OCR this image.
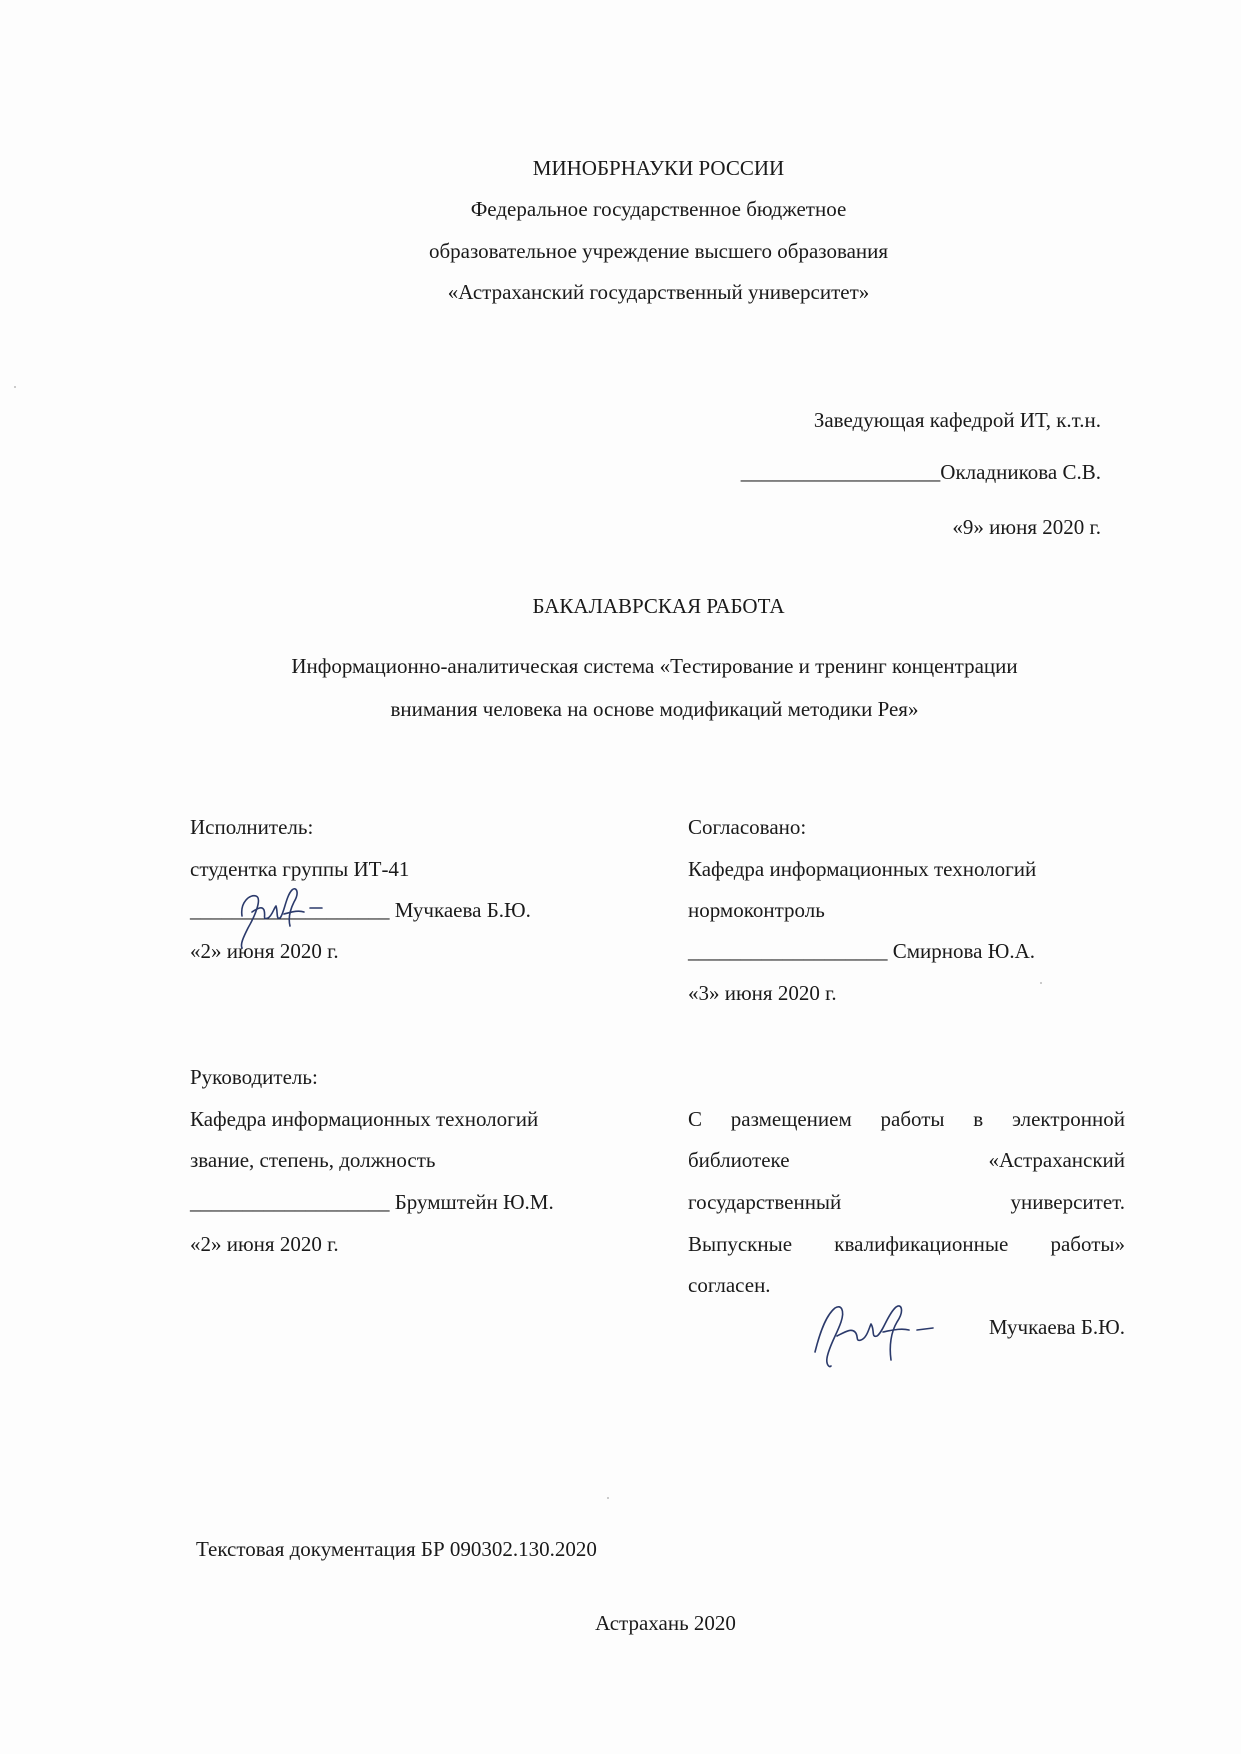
МИНОБРНАУКИ РОССИИ
Федеральное государственное бюджетное
образовательное учреждение высшего образования
«Астраханский государственный университет»
Заведующая кафедрой ИТ, к.т.н.
___________________Окладникова С.В.
«9» июня 2020 г.
БАКАЛАВРСКАЯ РАБОТА
Информационно-аналитическая система «Тестирование и тренинг концентрации
внимания человека на основе модификаций методики Рея»
Исполнитель:
студентка группы ИТ-41
___________________ Мучкаева Б.Ю.
«2» июня 2020 г.
Согласовано:
Кафедра информационных технологий
нормоконтроль
___________________ Смирнова Ю.А.
«3» июня 2020 г.
Руководитель:
Кафедра информационных технологий
звание, степень, должность
___________________ Брумштейн Ю.М.
«2» июня 2020 г.
С размещением работы в электронной
библиотеке	«Астраханский
государственный	университет.
Выпускные квалификационные работы»
согласен.
Мучкаева Б.Ю.
Текстовая документация БР 090302.130.2020
Астрахань 2020
